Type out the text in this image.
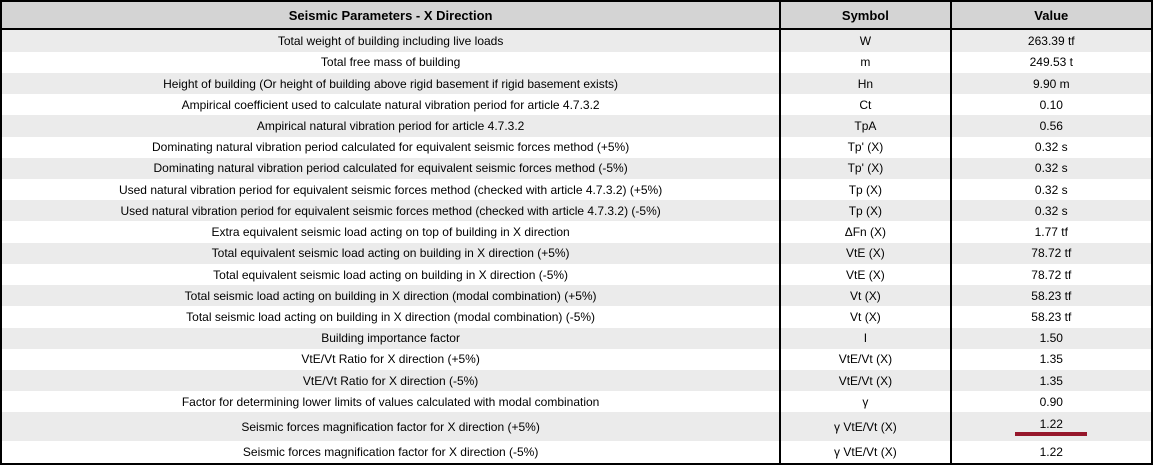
Seismic Parameters - X Direction	Symbol	Value
Total weight of building including live loads	W	263.39 tf
Total free mass of building	m	249.53 t
Height of building (Or height of building above rigid basement if rigid basement exists)	Hn	9.90 m
Ampirical coefficient used to calculate natural vibration period for article 4.7.3.2	Ct	0.10
Ampirical natural vibration period for article 4.7.3.2	TpA	0.56
Dominating natural vibration period calculated for equivalent seismic forces method (+5%)	Tp' (X)	0.32 s
Dominating natural vibration period calculated for equivalent seismic forces method (-5%)	Tp' (X)	0.32 s
Used natural vibration period for equivalent seismic forces method (checked with article 4.7.3.2) (+5%)	Tp (X)	0.32 s
Used natural vibration period for equivalent seismic forces method (checked with article 4.7.3.2) (-5%)	Tp (X)	0.32 s
Extra equivalent seismic load acting on top of building in X direction	ΔFn (X)	1.77 tf
Total equivalent seismic load acting on building in X direction (+5%)	VtE (X)	78.72 tf
Total equivalent seismic load acting on building in X direction (-5%)	VtE (X)	78.72 tf
Total seismic load acting on building in X direction (modal combination) (+5%)	Vt (X)	58.23 tf
Total seismic load acting on building in X direction (modal combination) (-5%)	Vt (X)	58.23 tf
Building importance factor	I	1.50
VtE/Vt Ratio for X direction (+5%)	VtE/Vt (X)	1.35
VtE/Vt Ratio for X direction (-5%)	VtE/Vt (X)	1.35
Factor for determining lower limits of values calculated with modal combination	γ	0.90
Seismic forces magnification factor for X direction (+5%)	γ VtE/Vt (X)	1.22

Seismic forces magnification factor for X direction (-5%)	γ VtE/Vt (X)	1.22
